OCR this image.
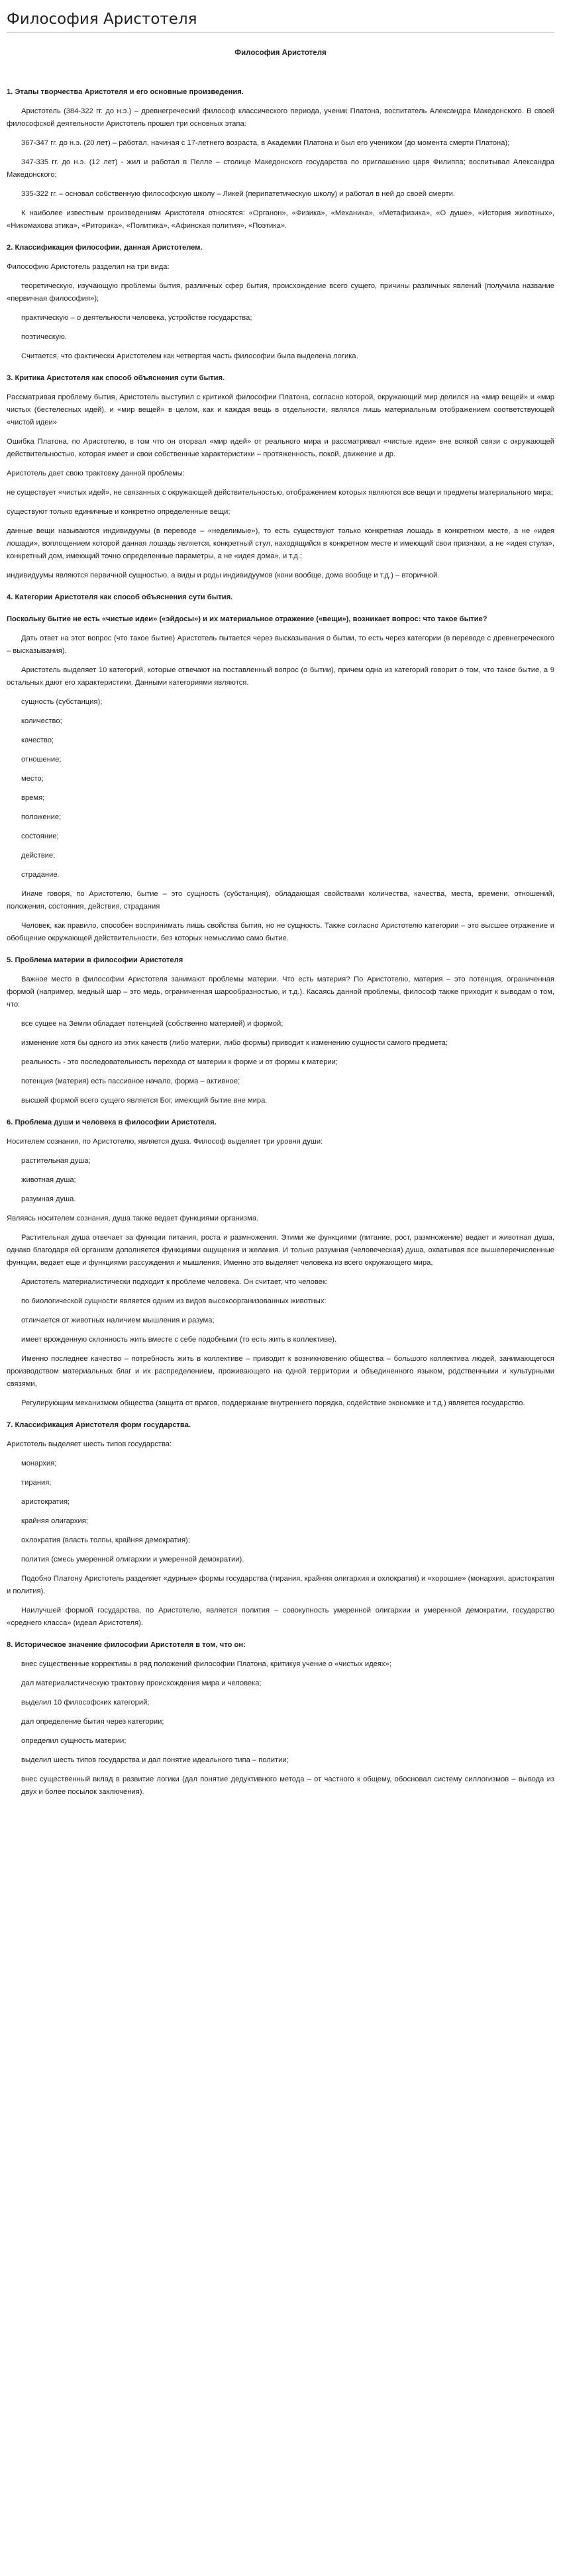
Философия Аристотеля
Философия Аристотеля

1. Этапы творчества Аристотеля и его основные произведения.

Аристотель (384-322 гг. до н.э.) – древнегреческий философ классического периода, ученик Платона, воспитатель Александра Македонского. В своей философской деятельности Аристотель прошел три основных этапа:

367-347 гг. до н.э. (20 лет) – работал, начиная с 17-летнего возраста, в Академии Платона и был его учеником (до момента смерти Платона);

347-335 гг. до н.э. (12 лет) - жил и работал в Пелле – столице Македонского государства по приглашению царя Филиппа; воспитывал Александра Македонского;

335-322 гг. – основал собственную философскую школу – Ликей (перипатетическую школу) и работал в ней до своей смерти.

К наиболее известным произведениям Аристотеля относятся: «Органон», «Физика», «Механика», «Метафизика», «О душе», «История животных», «Никомахова этика», «Риторика», «Политика», «Афинская полития», «Поэтика».

2. Классификация философии, данная Аристотелем.

Философию Аристотель разделил на три вида:

теоретическую, изучающую проблемы бытия, различных сфер бытия, происхождение всего сущего, причины различных явлений (получила название «первичная философия»);

практическую – о деятельности человека, устройстве государства;

поэтическую.

Считается, что фактически Аристотелем как четвертая часть философии была выделена логика.

3. Критика Аристотеля как способ объяснения сути бытия.

Рассматривая проблему бытия, Аристотель выступил с критикой философии Платона, согласно которой, окружающий мир делился на «мир вещей» и «мир чистых (бестелесных идей), и «мир вещей» в целом, как и каждая вещь в отдельности, являлся лишь материальным отображением соответствующей «чистой идеи»

Ошибка Платона, по Аристотелю, в том что он оторвал «мир идей» от реального мира и рассматривал «чистые идеи» вне всякой связи с окружающей действительностью, которая имеет и свои собственные характеристики – протяженность, покой, движение и др.

Аристотель дает свою трактовку данной проблемы:

не существует «чистых идей», не связанных с окружающей действительностью, отображением которых являются все вещи и предметы материального мира;

существуют только единичные и конкретно определенные вещи;

данные вещи называются индивидуумы (в переводе – «неделимые»), то есть существуют только конкретная лошадь в конкретном месте, а не «идея лошади», воплощением которой данная лошадь является, конкретный стул, находящийся в конкретном месте и имеющий свои признаки, а не «идея стула», конкретный дом, имеющий точно определенные параметры, а не «идея дома», и т.д.;

индивидуумы являются первичной сущностью, а виды и роды индивидуумов (кони вообще, дома вообще и т.д.) – вторичной.

4. Категории Аристотеля как способ объяснения сути бытия.

Поскольку бытие не есть «чистые идеи» («эйдосы») и их материальное отражение («вещи»), возникает вопрос: что такое бытие?

Дать ответ на этот вопрос (что такое бытие) Аристотель пытается через высказывания о бытии, то есть через категории (в переводе с древнегреческого – высказывания).

Аристотель выделяет 10 категорий, которые отвечают на поставленный вопрос (о бытии), причем одна из категорий говорит о том, что такое бытие, а 9 остальных дают его характеристики. Данными категориями являются.

сущность (субстанция);

количество;

качество;

отношение;

место;

время;

положение;

состояние;

действие;

страдание.

Иначе говоря, по Аристотелю, бытие – это сущность (субстанция), обладающая свойствами количества, качества, места, времени, отношений, положения, состояния, действия, страдания

Человек, как правило, способен воспринимать лишь свойства бытия, но не сущность. Также согласно Аристотелю категории – это высшее отражение и обобщение окружающей действительности, без которых немыслимо само бытие.

5. Проблема материи в философии Аристотеля

Важное место в философии Аристотеля занимают проблемы материи. Что есть материя? По Аристотелю, материя – это потенция, ограниченная формой (например, медный шар – это медь, ограниченная шарообразностью, и т.д.). Касаясь данной проблемы, философ также приходит к выводам о том, что:

все сущее на Земли обладает потенцией (собственно материей) и формой;

изменение хотя бы одного из этих качеств (либо материи, либо формы) приводит к изменению сущности самого предмета;

реальность - это последовательность перехода от материи к форме и от формы к материи;

потенция (материя) есть пассивное начало, форма – активное;

высшей формой всего сущего является Бог, имеющий бытие вне мира.

6. Проблема души и человека в философии Аристотеля.

Носителем сознания, по Аристотелю, является душа. Философ выделяет три уровня души:

растительная душа;

животная душа;

разумная душа.

Являясь носителем сознания, душа также ведает функциями организма.

Растительная душа отвечает за функции питания, роста и размножения. Этими же функциями (питание, рост, размножение) ведает и животная душа, однако благодаря ей организм дополняется функциями ощущения и желания. И только разумная (человеческая) душа, охватывая все вышеперечисленные функции, ведает еще и функциями рассуждения и мышления. Именно это выделяет человека из всего окружающего мира,

Аристотель материалистически подходит к проблеме человека. Он считает, что человек:

по биологической сущности является одним из видов высокоорганизованных животных:

отличается от животных наличием мышления и разума;

имеет врожденную склонность жить вместе с себе подобными (то есть жить в коллективе).

Именно последнее качество – потребность жить в коллективе – приводит к возникновению общества – большого коллектива людей, занимающегося производством материальных благ и их распределением, проживающего на одной территории и объединенного языком, родственными и культурными связями,

Регулирующим механизмом общества (защита от врагов, поддержание внутреннего порядка, содействие экономике и т.д.) является государство.

7. Классификация Аристотеля форм государства.

Аристотель выделяет шесть типов государства:

монархия;

тирания;

аристократия;

крайняя олигархия;

охлократия (власть толпы, крайняя демократия);

полития (смесь умеренной олигархии и умеренной демократии).

Подобно Платону Аристотель разделяет «дурные» формы государства (тирания, крайняя олигархия и охлократия) и «хорошие» (монархия, аристократия и полития).

Наилучшей формой государства, по Аристотелю, является полития – совокупность умеренной олигархии и умеренной демократии, государство «среднего класса» (идеал Аристотеля).

8. Историческое значение философии Аристотеля в том, что он:

внес существенные коррективы в ряд положений философии Платона, критикуя учение о «чистых идеях»;

дал материалистическую трактовку происхождения мира и человека;

выделил 10 философских категорий;

дал определение бытия через категории;

определил сущность материи;

выделил шесть типов государства и дал понятие идеального типа – политии;

внес существенный вклад в развитие логики (дал понятие дедуктивного метода – от частного к общему, обосновал систему силлогизмов – вывода из двух и более посылок заключения).
